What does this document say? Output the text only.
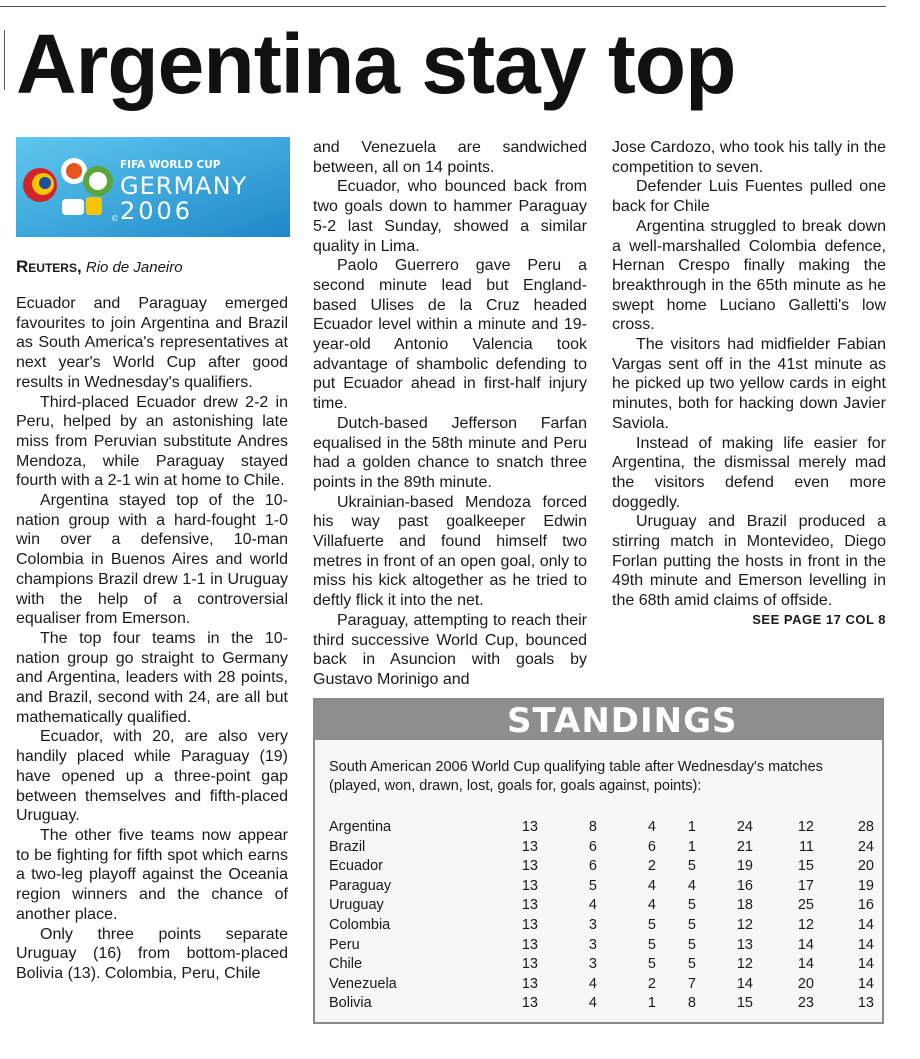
Argentina stay top
©
FIFA WORLD CUP
GERMANY
2006
Reuters, Rio de Janeiro

Ecuador and Paraguay emerged favourites to join Argentina and Brazil as South America's representatives at next year's World Cup after good results in Wednesday's qualifiers.

Third-placed Ecuador drew 2-2 in Peru, helped by an astonishing late miss from Peruvian substitute Andres Mendoza, while Paraguay stayed fourth with a 2-1 win at home to Chile.

Argentina stayed top of the 10-nation group with a hard-fought 1-0 win over a defensive, 10-man Colombia in Buenos Aires and world champions Brazil drew 1-1 in Uruguay with the help of a controversial equaliser from Emerson.

The top four teams in the 10-nation group go straight to Germany and Argentina, leaders with 28 points, and Brazil, second with 24, are all but mathematically qualified.

Ecuador, with 20, are also very handily placed while Paraguay (19) have opened up a three-point gap between themselves and fifth-placed Uruguay.

The other five teams now appear to be fighting for fifth spot which earns a two-leg playoff against the Oceania region winners and the chance of another place.

Only three points separate Uruguay (16) from bottom-placed Bolivia (13). Colombia, Peru, Chile

and Venezuela are sandwiched between, all on 14 points.

Ecuador, who bounced back from two goals down to hammer Paraguay 5-2 last Sunday, showed a similar quality in Lima.

Paolo Guerrero gave Peru a second minute lead but England-based Ulises de la Cruz headed Ecuador level within a minute and 19-year-old Antonio Valencia took advantage of shambolic defending to put Ecuador ahead in first-half injury time.

Dutch-based Jefferson Farfan equalised in the 58th minute and Peru had a golden chance to snatch three points in the 89th minute.

Ukrainian-based Mendoza forced his way past goalkeeper Edwin Villafuerte and found himself two metres in front of an open goal, only to miss his kick altogether as he tried to deftly flick it into the net.

Paraguay, attempting to reach their third successive World Cup, bounced back in Asuncion with goals by Gustavo Morinigo and

Jose Cardozo, who took his tally in the competition to seven.

Defender Luis Fuentes pulled one back for Chile

Argentina struggled to break down a well-marshalled Colombia defence, Hernan Crespo finally making the breakthrough in the 65th minute as he swept home Luciano Galletti's low cross.

The visitors had midfielder Fabian Vargas sent off in the 41st minute as he picked up two yellow cards in eight minutes, both for hacking down Javier Saviola.

Instead of making life easier for Argentina, the dismissal merely mad the visitors defend even more doggedly.

Uruguay and Brazil produced a stirring match in Montevideo, Diego Forlan putting the hosts in front in the 49th minute and Emerson levelling in the 68th amid claims of offside.

SEE PAGE 17 COL 8
STANDINGS
South American 2006 World Cup qualifying table after Wednesday's matches (played, won, drawn, lost, goals for, goals against, points):
Argentina	13	8	4	1	24	12	28
Brazil	13	6	6	1	21	11	24
Ecuador	13	6	2	5	19	15	20
Paraguay	13	5	4	4	16	17	19
Uruguay	13	4	4	5	18	25	16
Colombia	13	3	5	5	12	12	14
Peru	13	3	5	5	13	14	14
Chile	13	3	5	5	12	14	14
Venezuela	13	4	2	7	14	20	14
Bolivia	13	4	1	8	15	23	13
